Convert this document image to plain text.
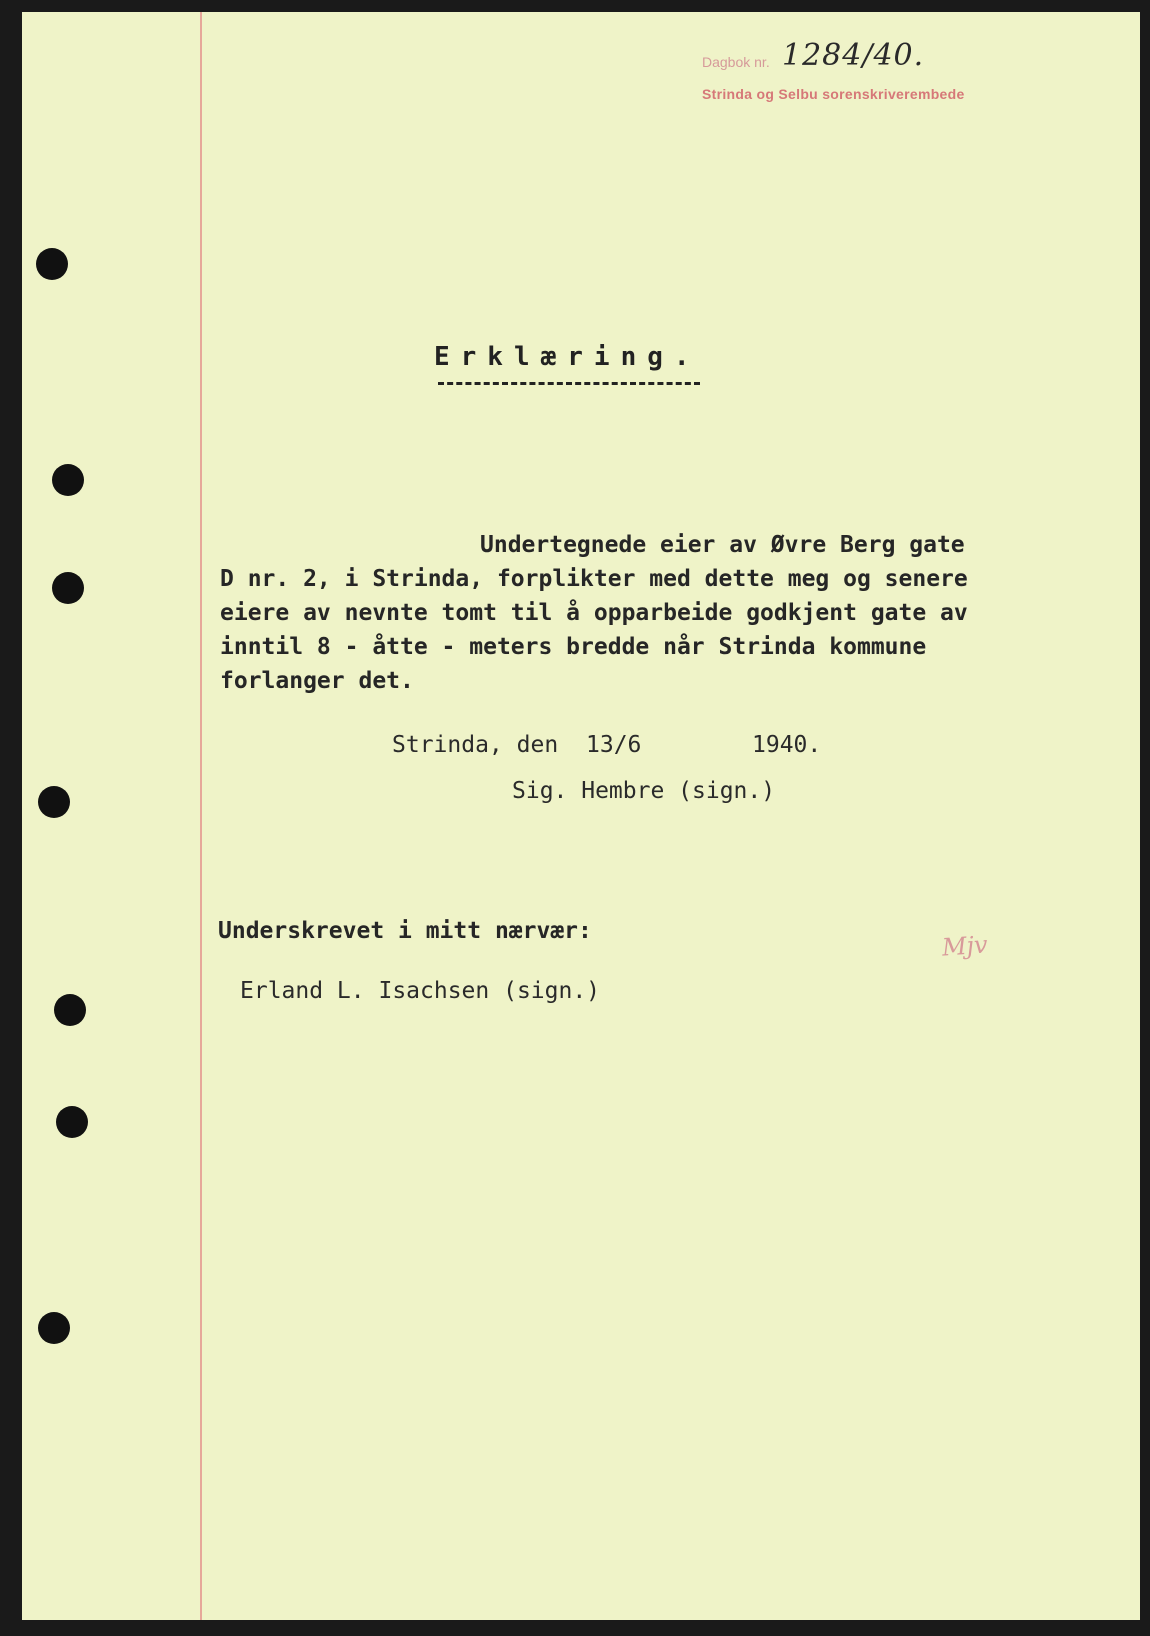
Dagbok nr. 1284/40.
Strinda og Selbu sorenskriverembede
Erklæring.
Undertegnede eier av Øvre Berg gate
D nr. 2, i Strinda, forplikter med dette meg og senere
eiere av nevnte tomt til å opparbeide godkjent gate av
inntil 8 - åtte - meters bredde når Strinda kommune
forlanger det.
Strinda, den 13/6	1940.
Sig. Hembre (sign.)
Underskrevet i mitt nærvær:
Erland L. Isachsen (sign.)
Mjv
